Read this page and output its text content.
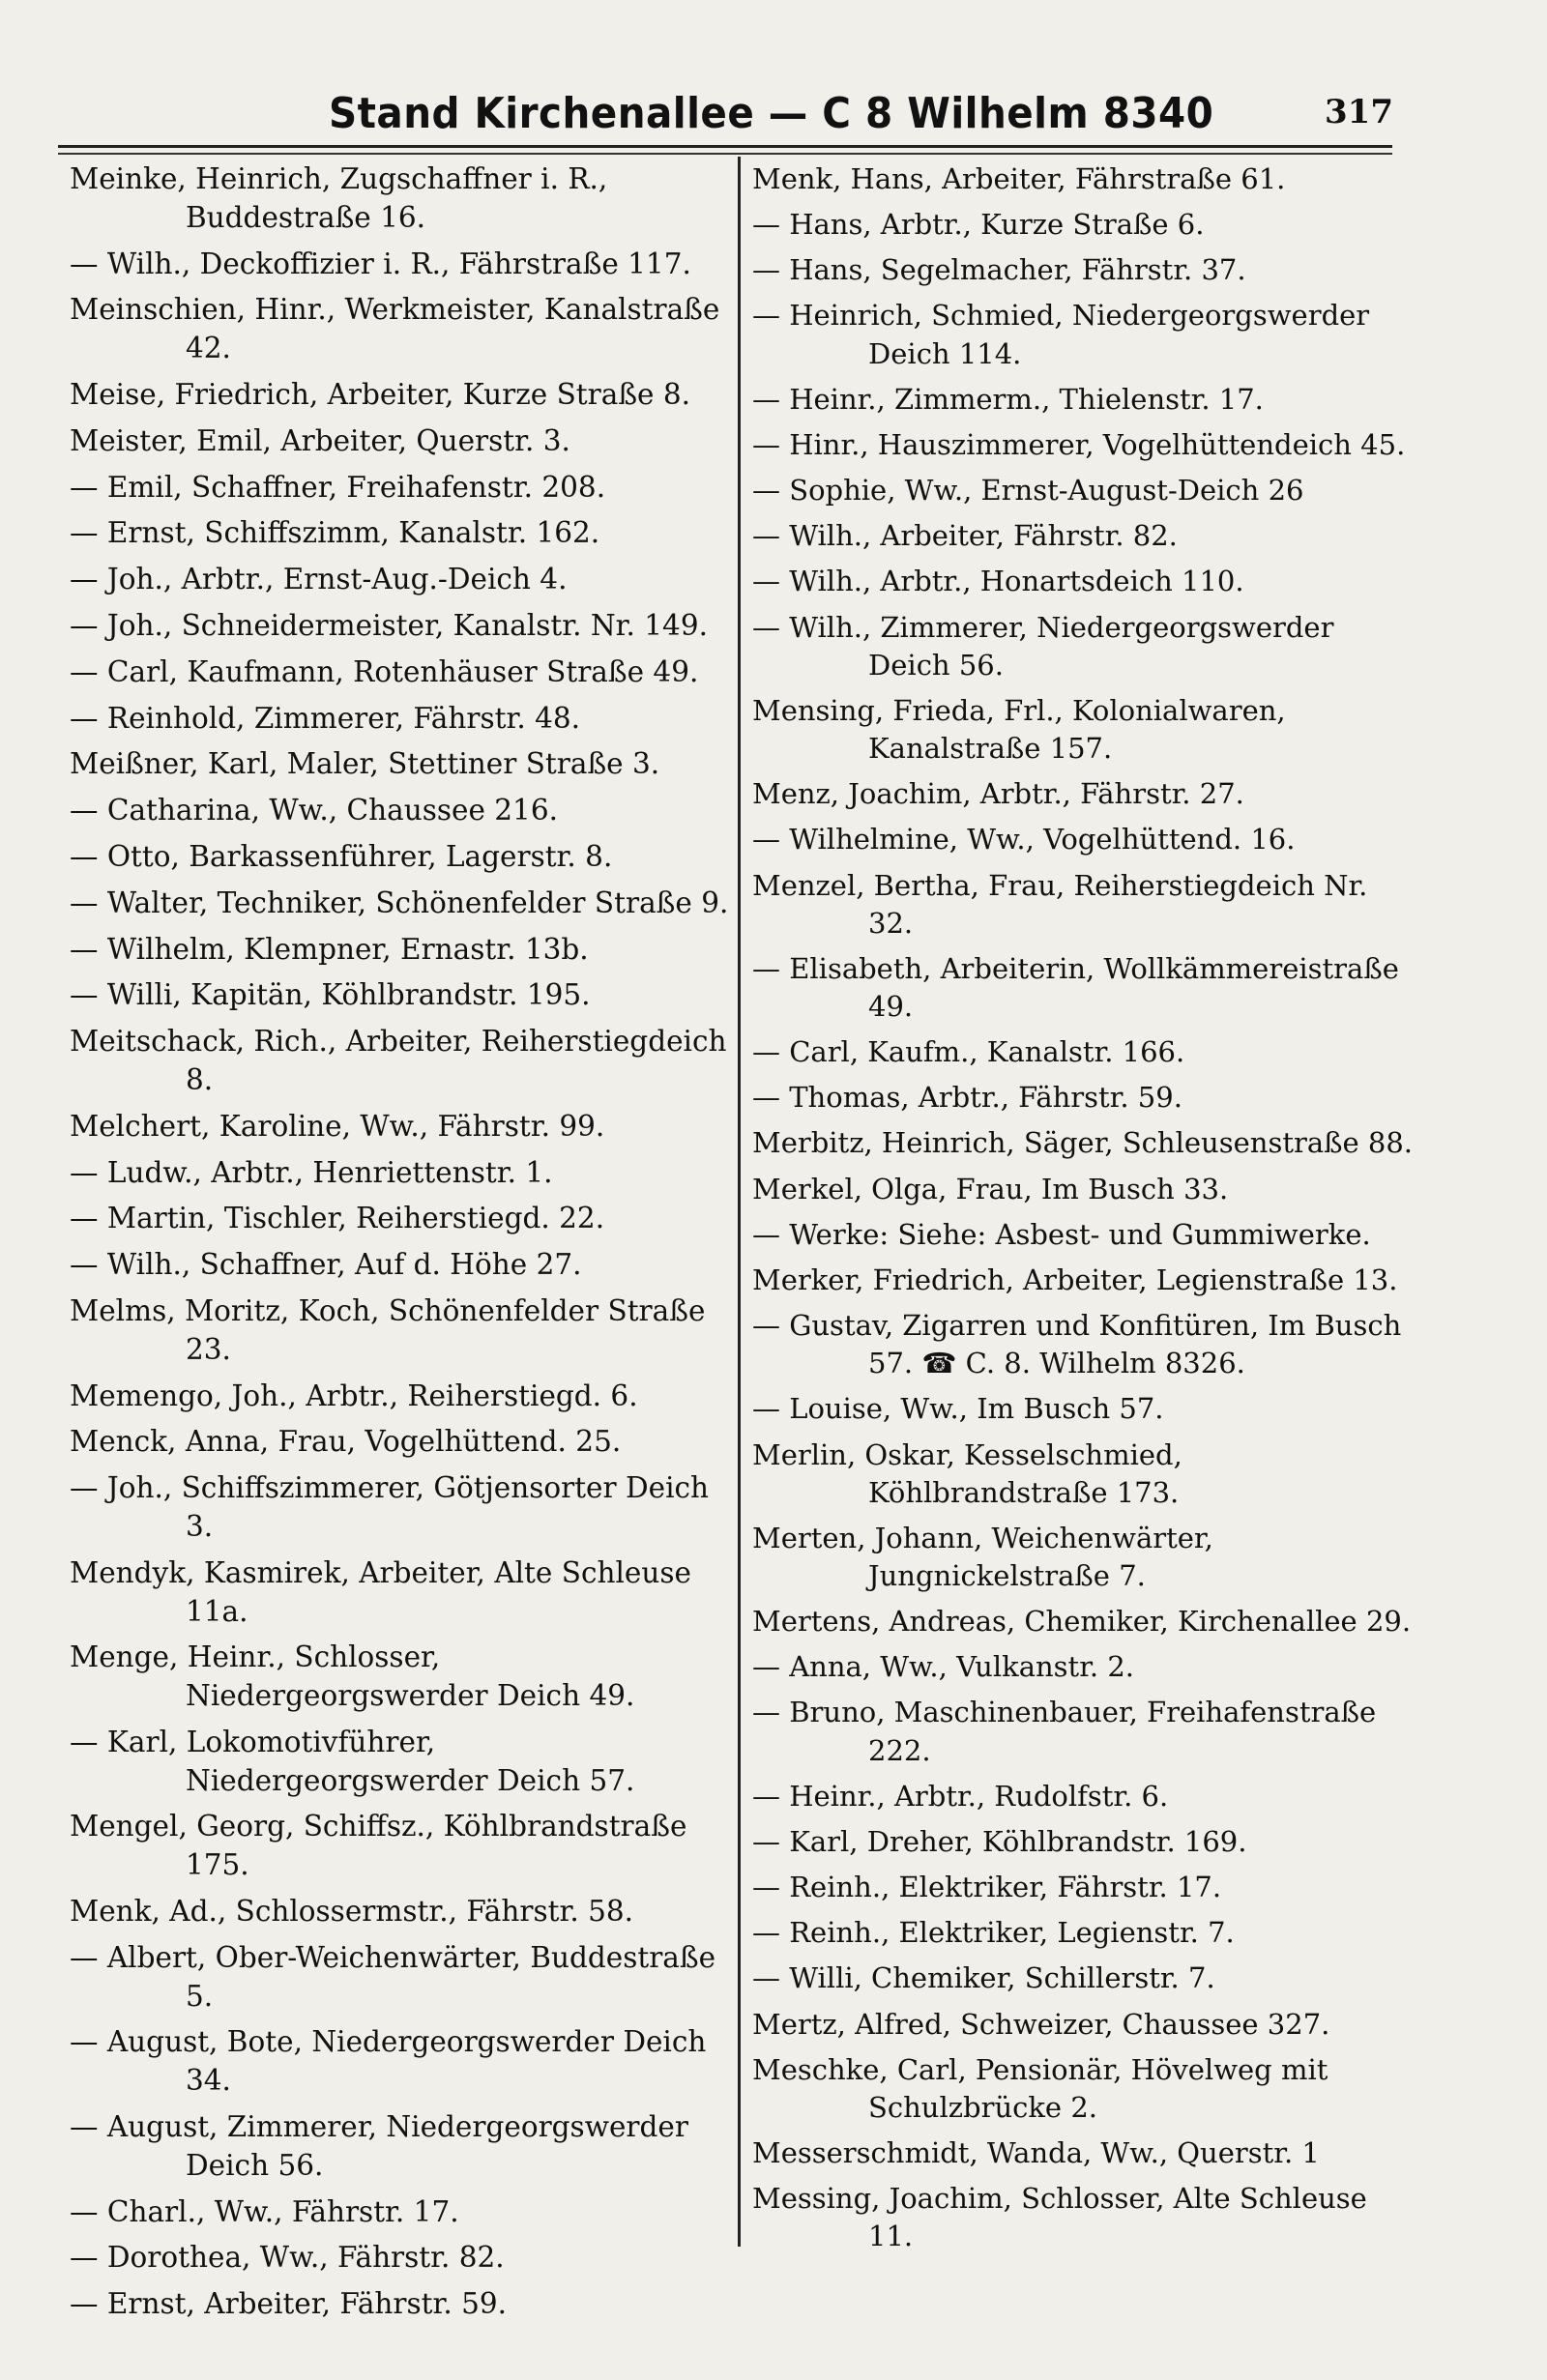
Stand Kirchenallee — C 8 Wilhelm 8340	317
Meinke, Heinrich, Zugschaffner i. R., Buddestraße 16.
— Wilh., Deckoffizier i. R., Fährstraße 117.
Meinschien, Hinr., Werkmeister, Kanalstraße 42.
Meise, Friedrich, Arbeiter, Kurze Straße 8.
Meister, Emil, Arbeiter, Querstr. 3.
— Emil, Schaffner, Freihafenstr. 208.
— Ernst, Schiffszimm, Kanalstr. 162.
— Joh., Arbtr., Ernst-Aug.-Deich 4.
— Joh., Schneidermeister, Kanalstr. Nr. 149.
— Carl, Kaufmann, Rotenhäuser Straße 49.
— Reinhold, Zimmerer, Fährstr. 48.
Meißner, Karl, Maler, Stettiner Straße 3.
— Catharina, Ww., Chaussee 216.
— Otto, Barkassenführer, Lagerstr. 8.
— Walter, Techniker, Schönenfelder Straße 9.
— Wilhelm, Klempner, Ernastr. 13b.
— Willi, Kapitän, Köhlbrandstr. 195.
Meitschack, Rich., Arbeiter, Reiherstiegdeich 8.
Melchert, Karoline, Ww., Fährstr. 99.
— Ludw., Arbtr., Henriettenstr. 1.
— Martin, Tischler, Reiherstiegd. 22.
— Wilh., Schaffner, Auf d. Höhe 27.
Melms, Moritz, Koch, Schönenfelder Straße 23.
Memengo, Joh., Arbtr., Reiherstiegd. 6.
Menck, Anna, Frau, Vogelhüttend. 25.
— Joh., Schiffszimmerer, Götjensorter Deich 3.
Mendyk, Kasmirek, Arbeiter, Alte Schleuse 11a.
Menge, Heinr., Schlosser, Niedergeorgswerder Deich 49.
— Karl, Lokomotivführer, Niedergeorgswerder Deich 57.
Mengel, Georg, Schiffsz., Köhlbrandstraße 175.
Menk, Ad., Schlossermstr., Fährstr. 58.
— Albert, Ober-Weichenwärter, Buddestraße 5.
— August, Bote, Niedergeorgswerder Deich 34.
— August, Zimmerer, Niedergeorgswerder Deich 56.
— Charl., Ww., Fährstr. 17.
— Dorothea, Ww., Fährstr. 82.
— Ernst, Arbeiter, Fährstr. 59.
Menk, Hans, Arbeiter, Fährstraße 61.
— Hans, Arbtr., Kurze Straße 6.
— Hans, Segelmacher, Fährstr. 37.
— Heinrich, Schmied, Niedergeorgswerder Deich 114.
— Heinr., Zimmerm., Thielenstr. 17.
— Hinr., Hauszimmerer, Vogelhüttendeich 45.
— Sophie, Ww., Ernst-August-Deich 26
— Wilh., Arbeiter, Fährstr. 82.
— Wilh., Arbtr., Honartsdeich 110.
— Wilh., Zimmerer, Niedergeorgswerder Deich 56.
Mensing, Frieda, Frl., Kolonialwaren, Kanalstraße 157.
Menz, Joachim, Arbtr., Fährstr. 27.
— Wilhelmine, Ww., Vogelhüttend. 16.
Menzel, Bertha, Frau, Reiherstiegdeich Nr. 32.
— Elisabeth, Arbeiterin, Wollkämmereistraße 49.
— Carl, Kaufm., Kanalstr. 166.
— Thomas, Arbtr., Fährstr. 59.
Merbitz, Heinrich, Säger, Schleusenstraße 88.
Merkel, Olga, Frau, Im Busch 33.
— Werke: Siehe: Asbest- und Gummiwerke.
Merker, Friedrich, Arbeiter, Legienstraße 13.
— Gustav, Zigarren und Konfitüren, Im Busch 57. ☎ C. 8. Wilhelm 8326.
— Louise, Ww., Im Busch 57.
Merlin, Oskar, Kesselschmied, Köhlbrandstraße 173.
Merten, Johann, Weichenwärter, Jungnickelstraße 7.
Mertens, Andreas, Chemiker, Kirchenallee 29.
— Anna, Ww., Vulkanstr. 2.
— Bruno, Maschinenbauer, Freihafenstraße 222.
— Heinr., Arbtr., Rudolfstr. 6.
— Karl, Dreher, Köhlbrandstr. 169.
— Reinh., Elektriker, Fährstr. 17.
— Reinh., Elektriker, Legienstr. 7.
— Willi, Chemiker, Schillerstr. 7.
Mertz, Alfred, Schweizer, Chaussee 327.
Meschke, Carl, Pensionär, Hövelweg mit Schulzbrücke 2.
Messerschmidt, Wanda, Ww., Querstr. 1
Messing, Joachim, Schlosser, Alte Schleuse 11.
